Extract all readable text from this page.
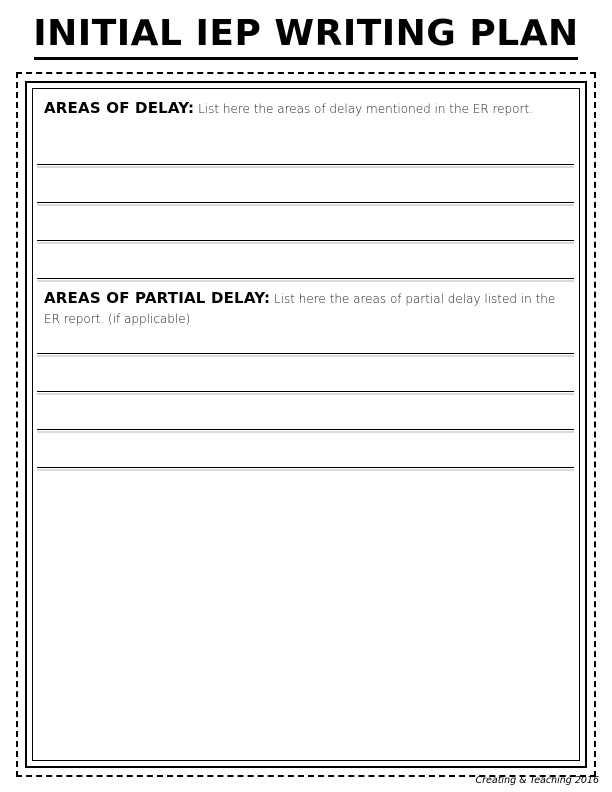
INITIAL IEP WRITING PLAN
AREAS OF DELAY: List here the areas of delay mentioned in the ER report.
AREAS OF PARTIAL DELAY: List here the areas of partial delay listed in the ER report. (if applicable)
Creating & Teaching 2016
